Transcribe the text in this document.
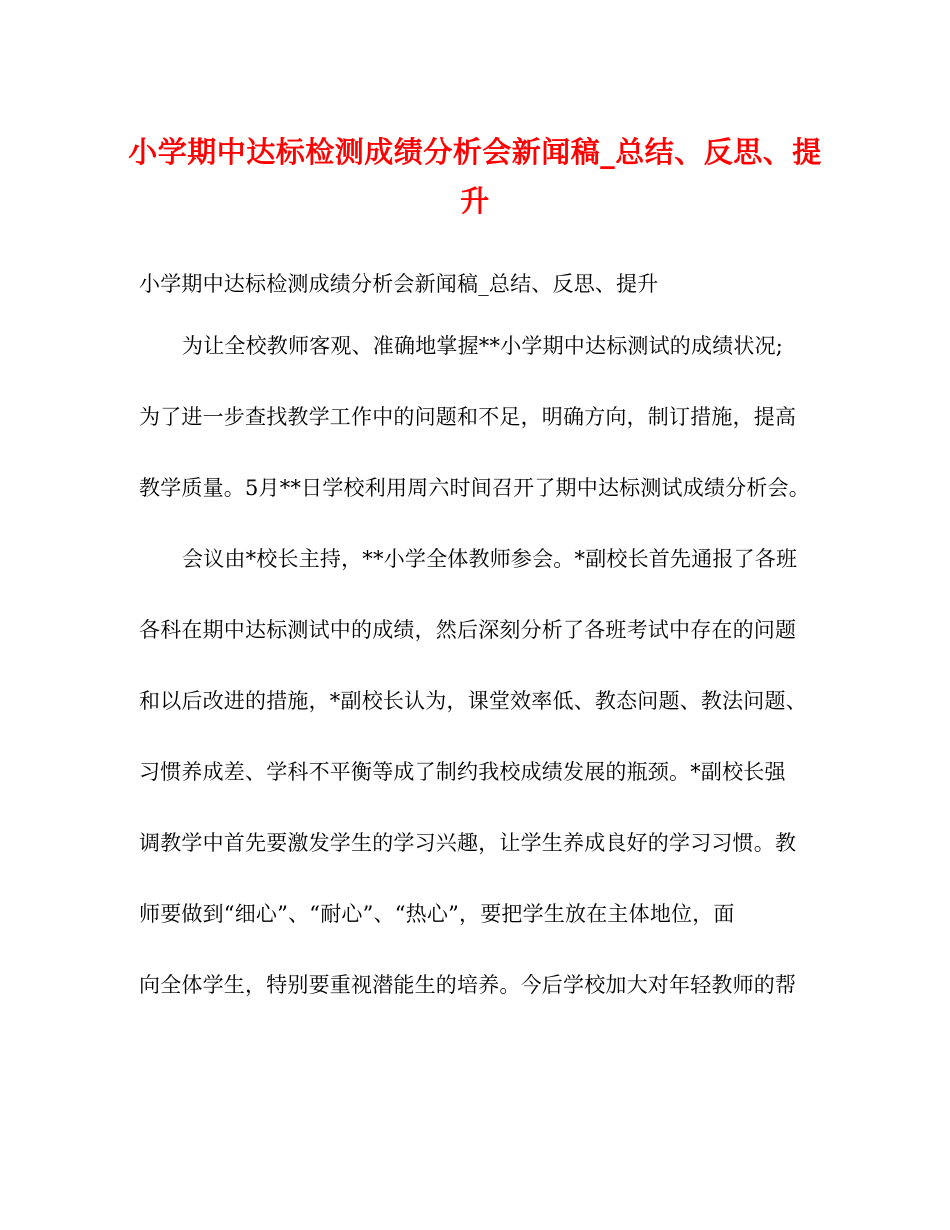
小学期中达标检测成绩分析会新闻稿_总结、反思、提
升
小学期中达标检测成绩分析会新闻稿_总结、反思、提升
为让全校教师客观、准确地掌握**小学期中达标测试的成绩状况;
为了进一步查找教学工作中的问题和不足，明确方向，制订措施，提高
教学质量。5月**日学校利用周六时间召开了期中达标测试成绩分析会。
会议由*校长主持，**小学全体教师参会。*副校长首先通报了各班
各科在期中达标测试中的成绩，然后深刻分析了各班考试中存在的问题
和以后改进的措施，*副校长认为，课堂效率低、教态问题、教法问题、
习惯养成差、学科不平衡等成了制约我校成绩发展的瓶颈。*副校长强
调教学中首先要激发学生的学习兴趣，让学生养成良好的学习习惯。教
师要做到“细心”、“耐心”、“热心”，要把学生放在主体地位，面
向全体学生，特别要重视潜能生的培养。今后学校加大对年轻教师的帮
